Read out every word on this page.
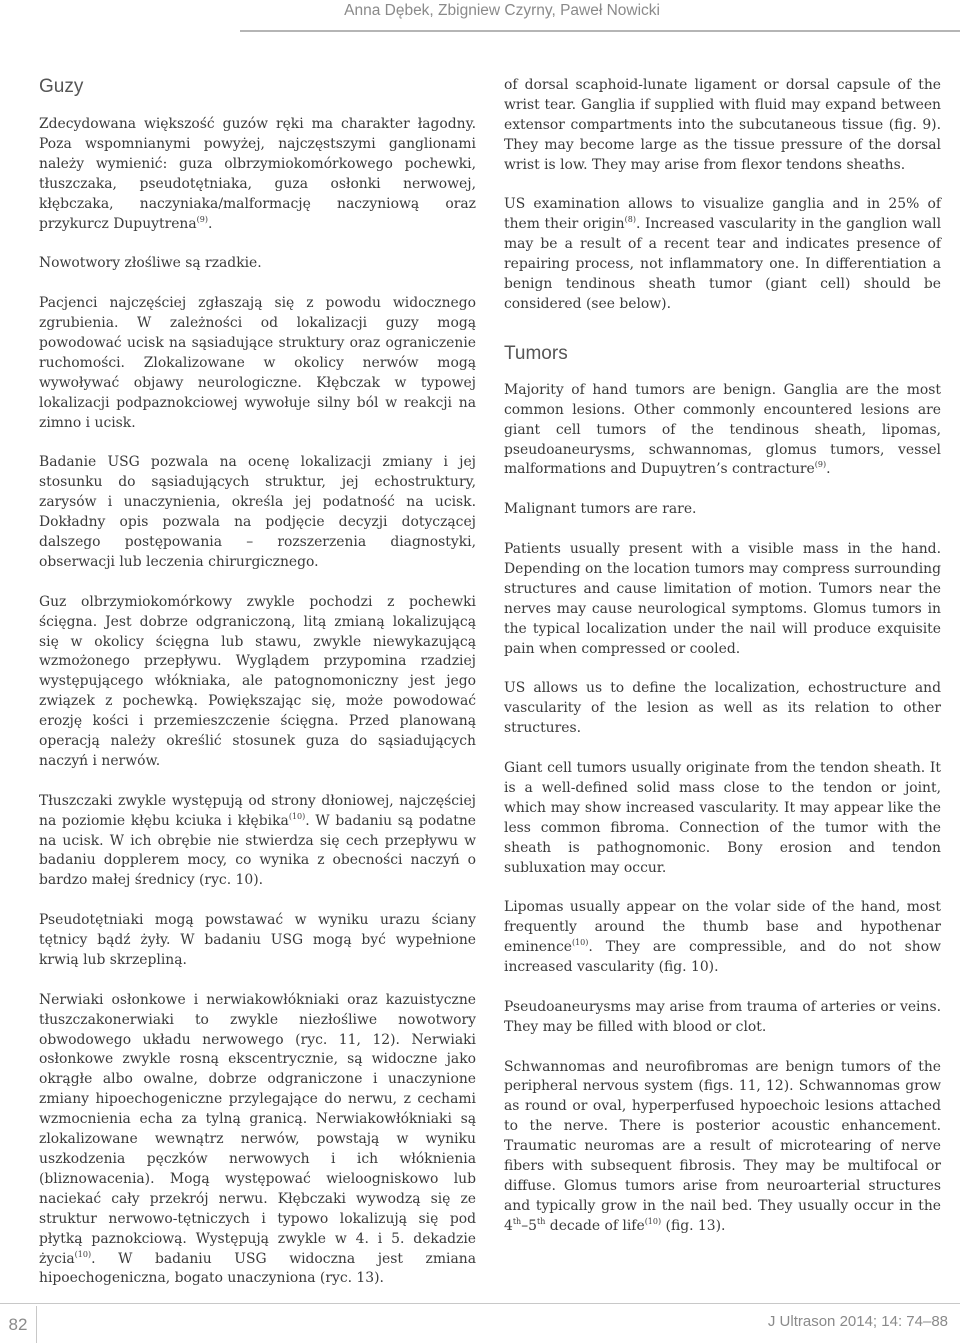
Anna Dębek, Zbigniew Czyrny, Paweł Nowicki
Guzy

Zdecydowana większość guzów ręki ma charakter łagodny. Poza wspomnianymi powyżej, najczęstszymi ganglionami należy wymienić: guza olbrzymiokomórkowego pochewki, tłuszczaka, pseudotętniaka, guza osłonki nerwowej, kłębczaka, naczyniaka/malformację naczyniową oraz przykurcz Dupuytrena$^{(9)}$.

Nowotwory złośliwe są rzadkie.

Pacjenci najczęściej zgłaszają się z powodu widocznego zgrubienia. W zależności od lokalizacji guzy mogą powodować ucisk na sąsiadujące struktury oraz ograniczenie ruchomości. Zlokalizowane w okolicy nerwów mogą wywoływać objawy neurologiczne. Kłębczak w typowej lokalizacji podpaznokciowej wywołuje silny ból w reakcji na zimno i ucisk.

Badanie USG pozwala na ocenę lokalizacji zmiany i jej stosunku do sąsiadujących struktur, jej echostruktury, zarysów i unaczynienia, określa jej podatność na ucisk. Dokładny opis pozwala na podjęcie decyzji dotyczącej dalszego postępowania – rozszerzenia diagnostyki, obserwacji lub leczenia chirurgicznego.

Guz olbrzymiokomórkowy zwykle pochodzi z pochewki ścięgna. Jest dobrze odgraniczoną, litą zmianą lokalizującą się w okolicy ścięgna lub stawu, zwykle niewykazującą wzmożonego przepływu. Wyglądem przypomina rzadziej występującego włókniaka, ale patognomoniczny jest jego związek z pochewką. Powiększając się, może powodować erozję kości i przemieszczenie ścięgna. Przed planowaną operacją należy określić stosunek guza do sąsiadujących naczyń i nerwów.

Tłuszczaki zwykle występują od strony dłoniowej, najczęściej na poziomie kłębu kciuka i kłębika$^{(10)}$. W badaniu są podatne na ucisk. W ich obrębie nie stwierdza się cech przepływu w badaniu dopplerem mocy, co wynika z obecności naczyń o bardzo małej średnicy (ryc. 10).

Pseudotętniaki mogą powstawać w wyniku urazu ściany tętnicy bądź żyły. W badaniu USG mogą być wypełnione krwią lub skrzepliną.

Nerwiaki osłonkowe i nerwiakowłókniaki oraz kazuistyczne tłuszczakonerwiaki to zwykle niezłośliwe nowotwory obwodowego układu nerwowego (ryc. 11, 12). Nerwiaki osłonkowe zwykle rosną ekscentrycznie, są widoczne jako okrągłe albo owalne, dobrze odgraniczone i unaczynione zmiany hipoechogeniczne przylegające do nerwu, z cechami wzmocnienia echa za tylną granicą. Nerwiakowłókniaki są zlokalizowane wewnątrz nerwów, powstają w wyniku uszkodzenia pęczków nerwowych i ich włóknienia (bliznowacenia). Mogą występować wieloogniskowo lub naciekać cały przekrój nerwu. Kłębczaki wywodzą się ze struktur nerwowo-tętniczych i typowo lokalizują się pod płytką paznokciową. Występują zwykle w 4. i 5. dekadzie życia$^{(10)}$. W badaniu USG widoczna jest zmiana hipoechogeniczna, bogato unaczyniona (ryc. 13).

of dorsal scaphoid-lunate ligament or dorsal capsule of the wrist tear. Ganglia if supplied with fluid may expand between extensor compartments into the subcutaneous tissue (fig. 9). They may become large as the tissue pressure of the dorsal wrist is low. They may arise from flexor tendons sheaths.

US examination allows to visualize ganglia and in 25% of them their origin$^{(8)}$. Increased vascularity in the ganglion wall may be a result of a recent tear and indicates presence of repairing process, not inflammatory one. In differentiation a benign tendinous sheath tumor (giant cell) should be considered (see below).

Tumors

Majority of hand tumors are benign. Ganglia are the most common lesions. Other commonly encountered lesions are giant cell tumors of the tendinous sheath, lipomas, pseudoaneurysms, schwannomas, glomus tumors, vessel malformations and Dupuytren’s contracture$^{(9)}$.

Malignant tumors are rare.

Patients usually present with a visible mass in the hand. Depending on the location tumors may compress surrounding structures and cause limitation of motion. Tumors near the nerves may cause neurological symptoms. Glomus tumors in the typical localization under the nail will produce exquisite pain when compressed or cooled.

US allows us to define the localization, echostructure and vascularity of the lesion as well as its relation to other structures.

Giant cell tumors usually originate from the tendon sheath. It is a well-defined solid mass close to the tendon or joint, which may show increased vascularity. It may appear like the less common fibroma. Connection of the tumor with the sheath is pathognomonic. Bony erosion and tendon subluxation may occur.

Lipomas usually appear on the volar side of the hand, most frequently around the thumb base and hypothenar eminence$^{(10)}$. They are compressible, and do not show increased vascularity (fig. 10).

Pseudoaneurysms may arise from trauma of arteries or veins. They may be filled with blood or clot.

Schwannomas and neurofibromas are benign tumors of the peripheral nervous system (figs. 11, 12). Schwannomas grow as round or oval, hyperperfused hypoechoic lesions attached to the nerve. There is posterior acoustic enhancement. Traumatic neuromas are a result of microtearing of nerve fibers with subsequent fibrosis. They may be multifocal or diffuse. Glomus tumors arise from neuroarterial structures and typically grow in the nail bed. They usually occur in the 4th–5th decade of life$^{(10)}$ (fig. 13).

82	J Ultrason 2014; 14: 74–88
